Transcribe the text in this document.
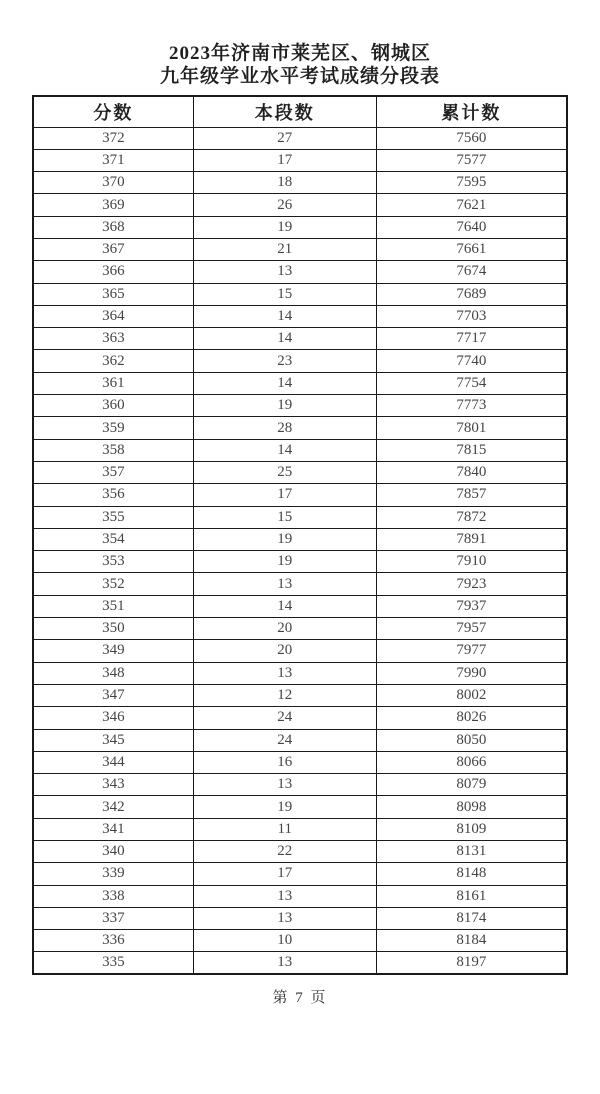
2023年济南市莱芜区、钢城区
九年级学业水平考试成绩分段表
分数	本段数	累计数
372	27	7560
371	17	7577
370	18	7595
369	26	7621
368	19	7640
367	21	7661
366	13	7674
365	15	7689
364	14	7703
363	14	7717
362	23	7740
361	14	7754
360	19	7773
359	28	7801
358	14	7815
357	25	7840
356	17	7857
355	15	7872
354	19	7891
353	19	7910
352	13	7923
351	14	7937
350	20	7957
349	20	7977
348	13	7990
347	12	8002
346	24	8026
345	24	8050
344	16	8066
343	13	8079
342	19	8098
341	11	8109
340	22	8131
339	17	8148
338	13	8161
337	13	8174
336	10	8184
335	13	8197
第 7 页
